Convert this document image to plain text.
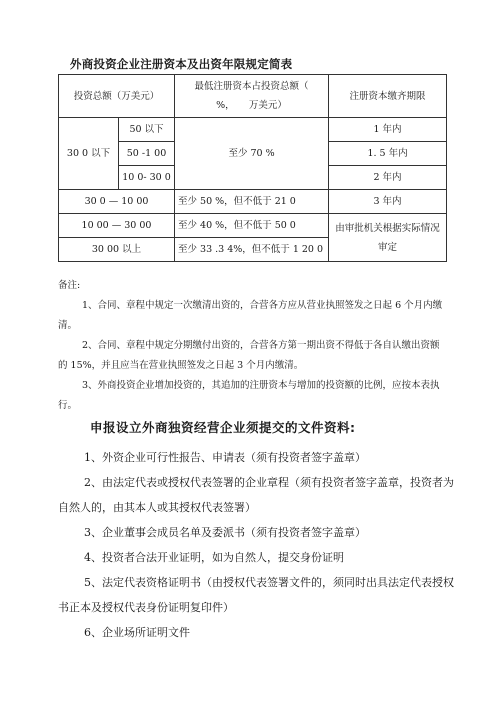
外商投资企业注册资本及出资年限规定简表
投资总额（万美元）		最低注册资本占投资总额（
%，　　万美元）	注册资本缴齐期限
30 0 以下	50 以下	至少 70 %	1 年内
	50 -1 00		1. 5 年内
	10 0- 30 0		2 年内
30 0 — 10 00		至少 50 %，但不低于 21 0	3 年内
10 00 — 30 00		至少 40 %，但不低于 50 0	由审批机关根据实际情况审定
30 00 以上		至少 33 .3 4%，但不低于 1 20 0	

备注:

1、合同、章程中规定一次缴清出资的，合营各方应从营业执照签发之日起 6 个月内缴清。

2、合同、章程中规定分期缴付出资的，合营各方第一期出资不得低于各自认缴出资额的 15%，并且应当在营业执照签发之日起 3 个月内缴清。

3、外商投资企业增加投资的，其追加的注册资本与增加的投资额的比例，应按本表执行。

申报设立外商独资经营企业须提交的文件资料:

1、外资企业可行性报告、申请表（须有投资者签字盖章）

2、由法定代表或授权代表签署的企业章程（须有投资者签字盖章，投资者为自然人的，由其本人或其授权代表签署）

3、企业董事会成员名单及委派书（须有投资者签字盖章）

4、投资者合法开业证明，如为自然人，提交身份证明

5、法定代表资格证明书（由授权代表签署文件的，须同时出具法定代表授权书正本及授权代表身份证明复印件）

6、企业场所证明文件
